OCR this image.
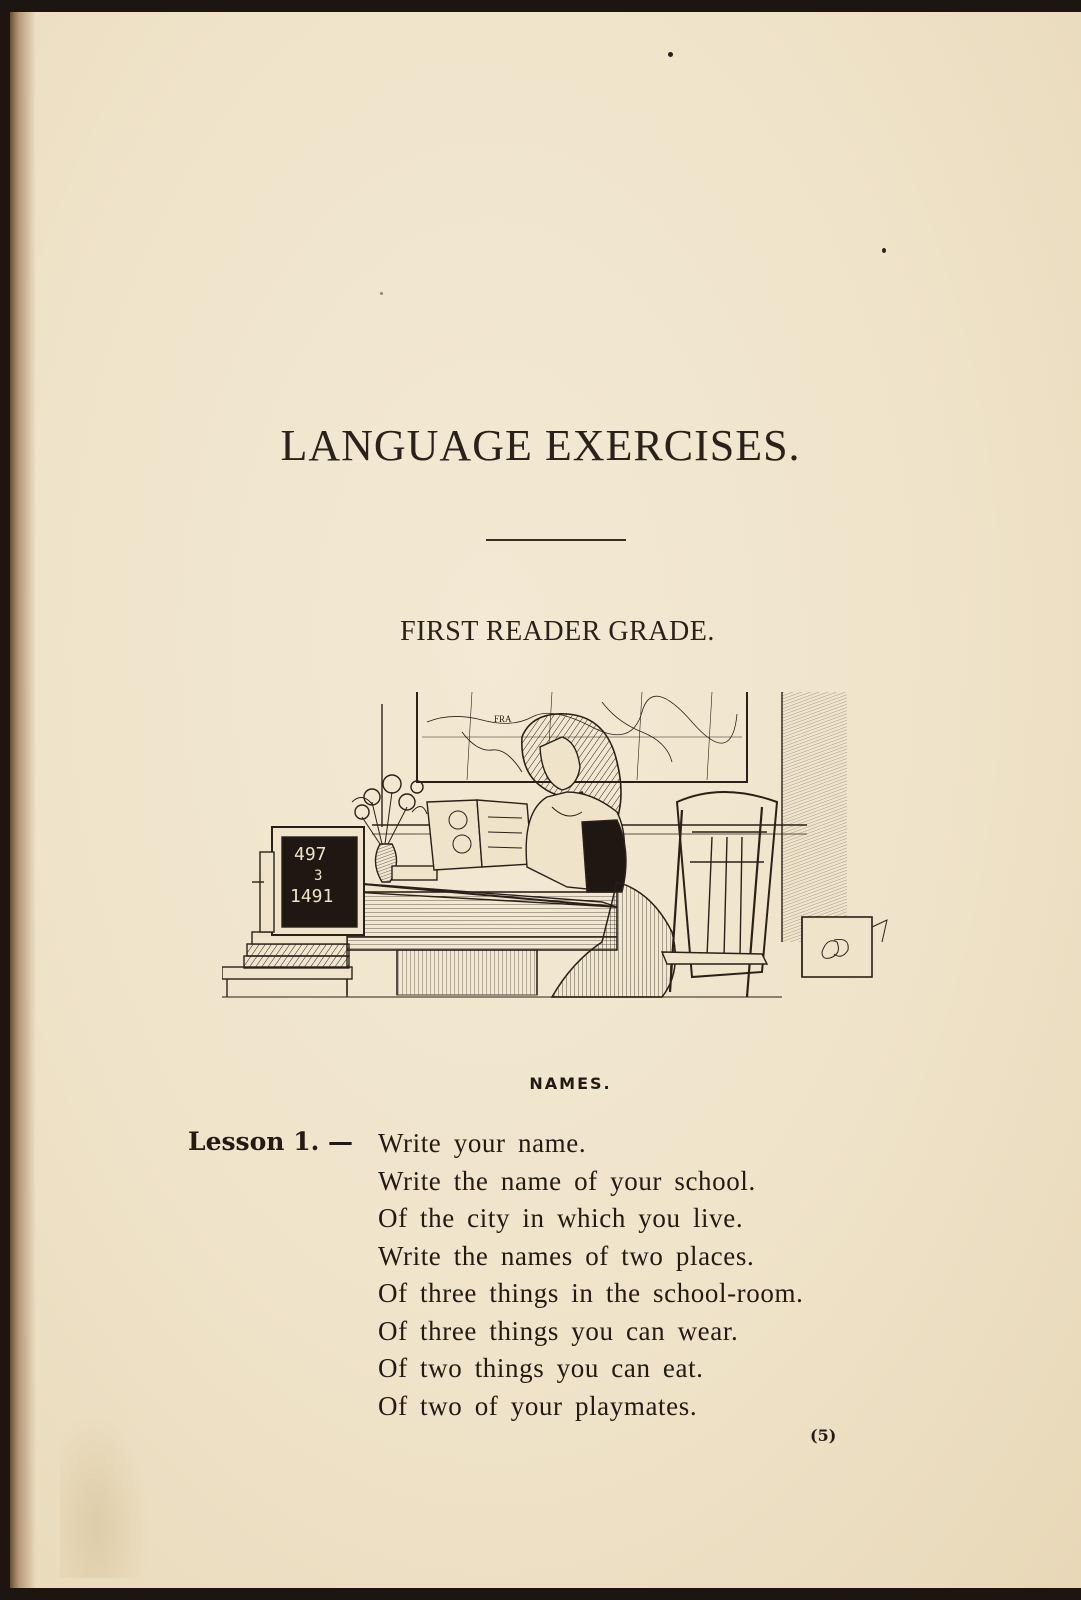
LANGUAGE EXERCISES.
FIRST READER GRADE.
FRA
497
3
1491
NAMES.
Lesson 1. — Write your name.
Write the name of your school.
Of the city in which you live.
Write the names of two places.
Of three things in the school-room.
Of three things you can wear.
Of two things you can eat.
Of two of your playmates.
(5)
